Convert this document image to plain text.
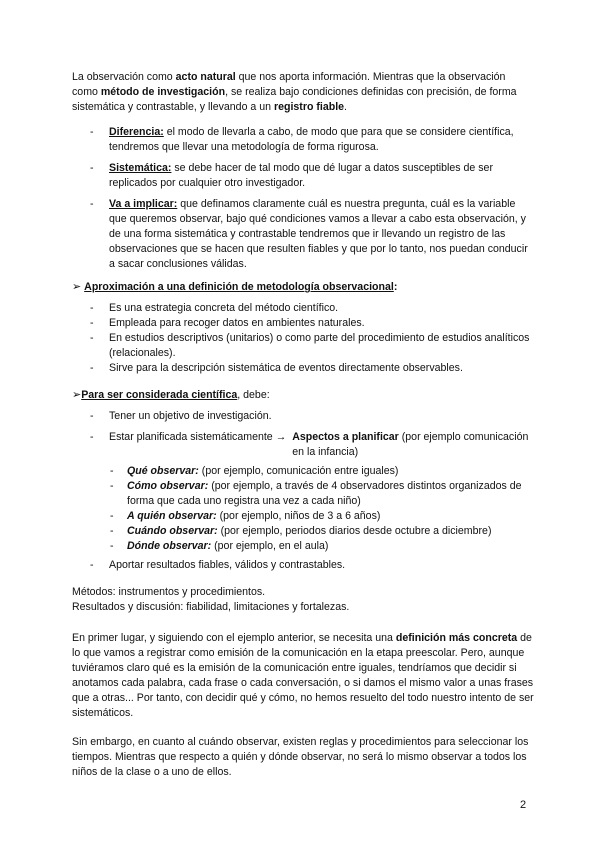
La observación como acto natural que nos aporta información. Mientras que la observación como método de investigación, se realiza bajo condiciones definidas con precisión, de forma sistemática y contrastable, y llevando a un registro fiable.

- Diferencia: el modo de llevarla a cabo, de modo que para que se considere científica, tendremos que llevar una metodología de forma rigurosa.
- Sistemática: se debe hacer de tal modo que dé lugar a datos susceptibles de ser replicados por cualquier otro investigador.
- Va a implicar: que definamos claramente cuál es nuestra pregunta, cuál es la variable que queremos observar, bajo qué condiciones vamos a llevar a cabo esta observación, y de una forma sistemática y contrastable tendremos que ir llevando un registro de las observaciones que se hacen que resulten fiables y que por lo tanto, nos puedan conducir a sacar conclusiones válidas.

➢ Aproximación a una definición de metodología observacional:

- Es una estrategia concreta del método científico.
- Empleada para recoger datos en ambientes naturales.
- En estudios descriptivos (unitarios) o como parte del procedimiento de estudios analíticos (relacionales).
- Sirve para la descripción sistemática de eventos directamente observables.

➢Para ser considerada científica, debe:

- Tener un objetivo de investigación.
- Estar planificada sistemáticamente → Aspectos a planificar (por ejemplo comunicación en la infancia)
- Qué observar: (por ejemplo, comunicación entre iguales)
- Cómo observar: (por ejemplo, a través de 4 observadores distintos organizados de forma que cada uno registra una vez a cada niño)
- A quién observar: (por ejemplo, niños de 3 a 6 años)
- Cuándo observar: (por ejemplo, periodos diarios desde octubre a diciembre)
- Dónde observar: (por ejemplo, en el aula)
- Aportar resultados fiables, válidos y contrastables.

Métodos: instrumentos y procedimientos.

Resultados y discusión: fiabilidad, limitaciones y fortalezas.

En primer lugar, y siguiendo con el ejemplo anterior, se necesita una definición más concreta de lo que vamos a registrar como emisión de la comunicación en la etapa preescolar. Pero, aunque tuviéramos claro qué es la emisión de la comunicación entre iguales, tendríamos que decidir si anotamos cada palabra, cada frase o cada conversación, o si damos el mismo valor a unas frases que a otras... Por tanto, con decidir qué y cómo, no hemos resuelto del todo nuestro intento de ser sistemáticos.

Sin embargo, en cuanto al cuándo observar, existen reglas y procedimientos para seleccionar los tiempos. Mientras que respecto a quién y dónde observar, no será lo mismo observar a todos los niños de la clase o a uno de ellos.

2
